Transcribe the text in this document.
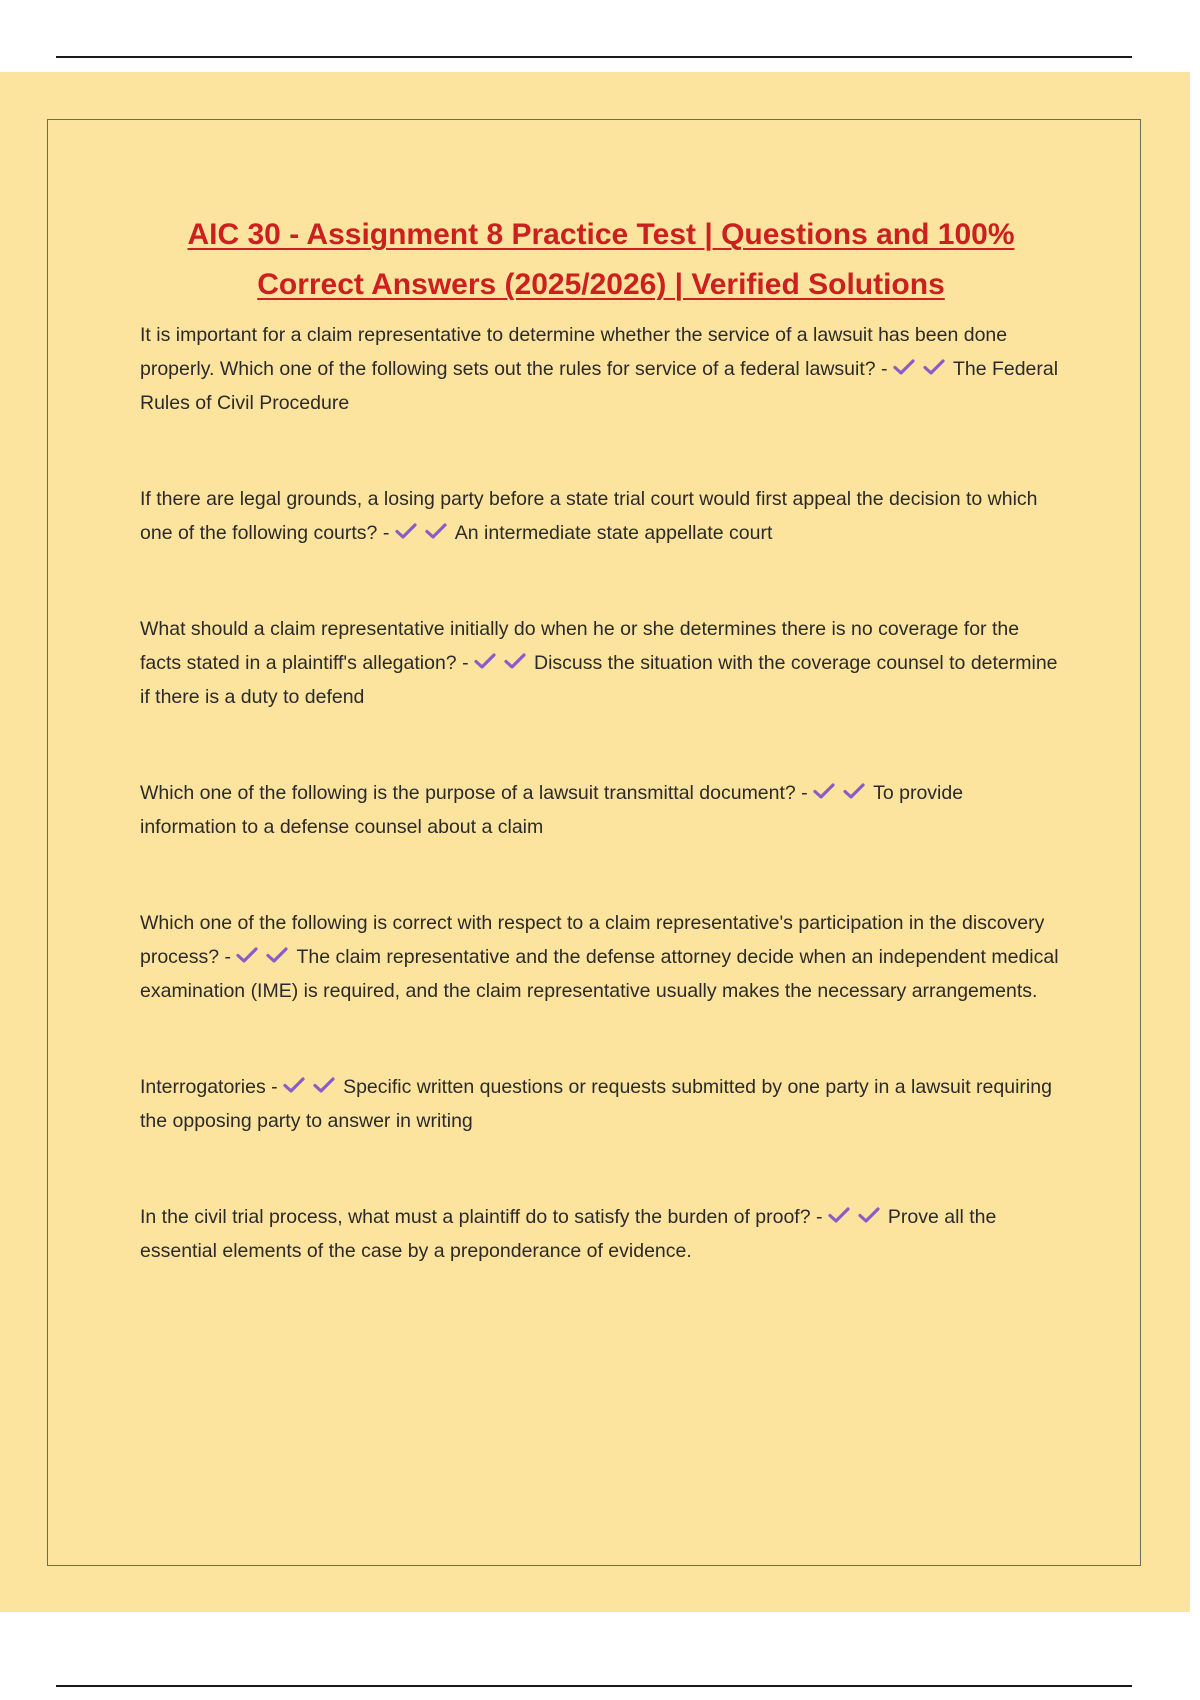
AIC 30 - Assignment 8 Practice Test | Questions and 100%
Correct Answers (2025/2026) | Verified Solutions

It is important for a claim representative to determine whether the service of a lawsuit has been done properly. Which one of the following sets out the rules for service of a federal lawsuit? -	The Federal Rules of Civil Procedure

If there are legal grounds, a losing party before a state trial court would first appeal the decision to which one of the following courts? -	An intermediate state appellate court

What should a claim representative initially do when he or she determines there is no coverage for the facts stated in a plaintiff's allegation? -	Discuss the situation with the coverage counsel to determine if there is a duty to defend

Which one of the following is the purpose of a lawsuit transmittal document? -	To provide information to a defense counsel about a claim

Which one of the following is correct with respect to a claim representative's participation in the discovery process? -	The claim representative and the defense attorney decide when an independent medical examination (IME) is required, and the claim representative usually makes the necessary arrangements.

Interrogatories -	Specific written questions or requests submitted by one party in a lawsuit requiring the opposing party to answer in writing

In the civil trial process, what must a plaintiff do to satisfy the burden of proof? -	Prove all the essential elements of the case by a preponderance of evidence.
